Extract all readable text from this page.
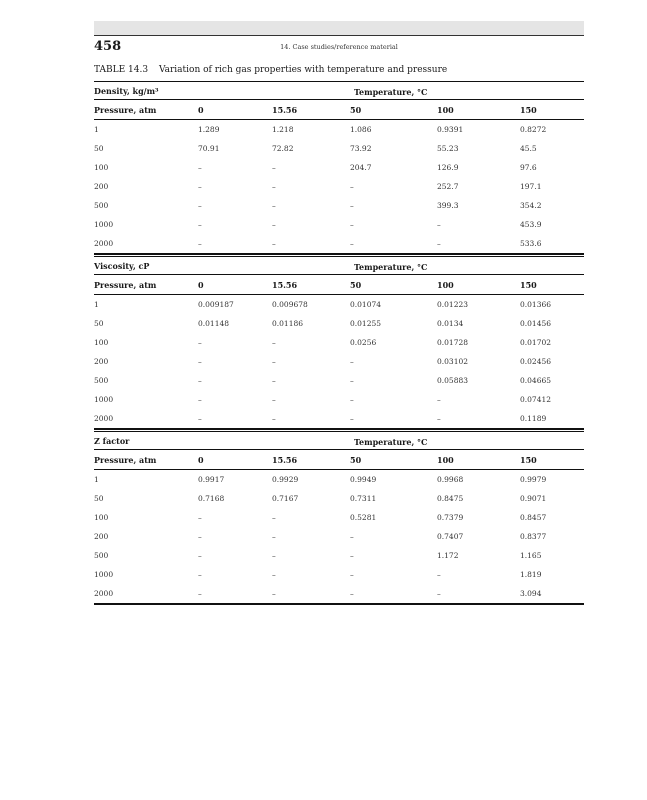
458	14. Case studies/reference material
TABLE 14.3 Variation of rich gas properties with temperature and pressure
Density, kg/m³	Temperature, °C
Pressure, atm	0	15.56	50	100	150
1	1.289	1.218	1.086	0.9391	0.8272
50	70.91	72.82	73.92	55.23	45.5
100	–	–	204.7	126.9	97.6
200	–	–	–	252.7	197.1
500	–	–	–	399.3	354.2
1000	–	–	–	–	453.9
2000	–	–	–	–	533.6
Viscosity, cP	Temperature, °C
Pressure, atm	0	15.56	50	100	150
1	0.009187	0.009678	0.01074	0.01223	0.01366
50	0.01148	0.01186	0.01255	0.0134	0.01456
100	–	–	0.0256	0.01728	0.01702
200	–	–	–	0.03102	0.02456
500	–	–	–	0.05883	0.04665
1000	–	–	–	–	0.07412
2000	–	–	–	–	0.1189
Z factor	Temperature, °C
Pressure, atm	0	15.56	50	100	150
1	0.9917	0.9929	0.9949	0.9968	0.9979
50	0.7168	0.7167	0.7311	0.8475	0.9071
100	–	–	0.5281	0.7379	0.8457
200	–	–	–	0.7407	0.8377
500	–	–	–	1.172	1.165
1000	–	–	–	–	1.819
2000	–	–	–	–	3.094
